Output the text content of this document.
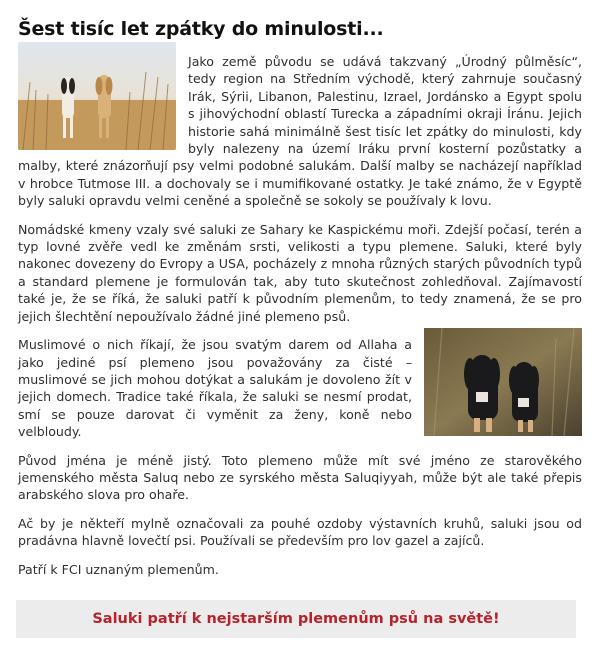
Šest tisíc let zpátky do minulosti...

Jako země původu se udává takzvaný „Úrodný půlměsíc“, tedy region na Středním východě, který zahrnuje současný Irák, Sýrii, Libanon, Palestinu, Izrael, Jordánsko a Egypt spolu s jihovýchodní oblastí Turecka a západními okraji Íránu. Jejich historie sahá minimálně šest tisíc let zpátky do minulosti, kdy byly nalezeny na území Iráku první kosterní pozůstatky a malby, které znázorňují psy velmi podobné salukám. Další malby se nacházejí například v hrobce Tutmose III. a dochovaly se i mumifikované ostatky. Je také známo, že v Egyptě byly saluki opravdu velmi ceněné a společně se sokoly se používaly k lovu.

Nomádské kmeny vzaly své saluki ze Sahary ke Kaspickému moři. Zdejší počasí, terén a typ lovné zvěře vedl ke změnám srsti, velikosti a typu plemene. Saluki, které byly nakonec dovezeny do Evropy a USA, pocházely z mnoha různých starých původních typů a standard plemene je formulován tak, aby tuto skutečnost zohledňoval. Zajímavostí také je, že se říká, že saluki patří k původním plemenům, to tedy znamená, že se pro jejich šlechtění nepoužívalo žádné jiné plemeno psů.

Muslimové o nich říkají, že jsou svatým darem od Allaha a jako jediné psí plemeno jsou považovány za čisté – muslimové se jich mohou dotýkat a salukám je dovoleno žít v jejich domech. Tradice také říkala, že saluki se nesmí prodat, smí se pouze darovat či vyměnit za ženy, koně nebo velbloudy.

Původ jména je méně jistý. Toto plemeno může mít své jméno ze starověkého jemenského města Saluq nebo ze syrského města Saluqiyyah, může být ale také přepis arabského slova pro ohaře.

Ač by je někteří mylně označovali za pouhé ozdoby výstavních kruhů, saluki jsou od pradávna hlavně lovečtí psi. Používali se především pro lov gazel a zajíců.

Patří k FCI uznaným plemenům.

Saluki patří k nejstarším plemenům psů na světě!
